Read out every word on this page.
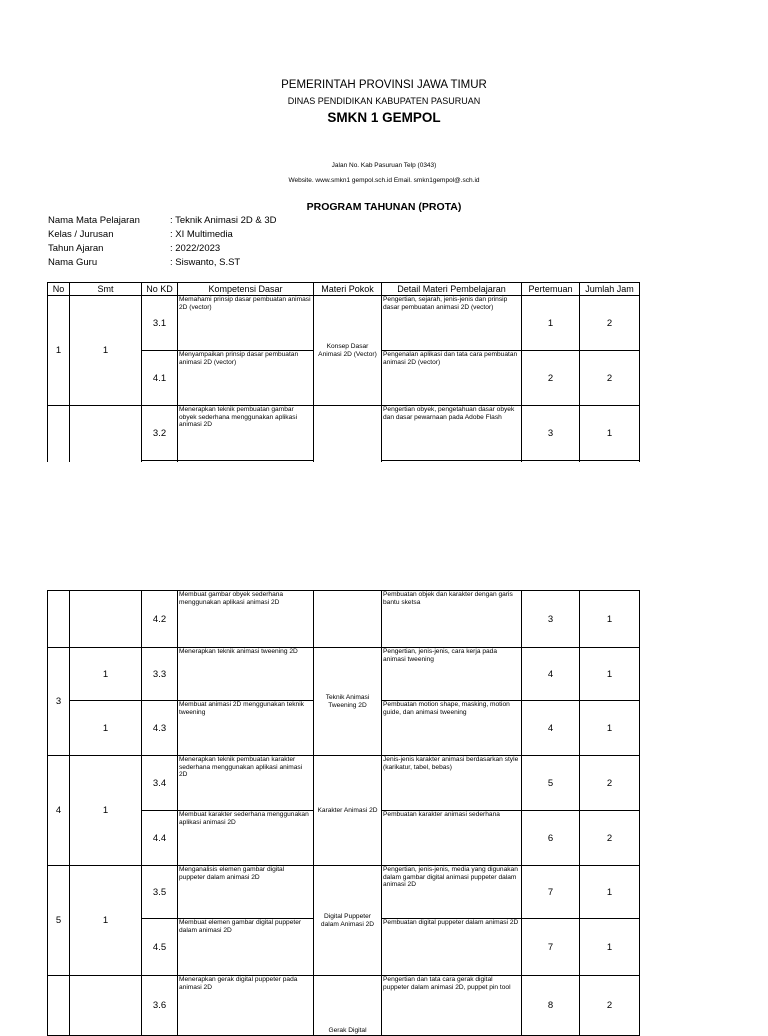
PEMERINTAH PROVINSI JAWA TIMUR
DINAS PENDIDIKAN KABUPATEN PASURUAN
SMKN 1 GEMPOL
Jalan No. Kab Pasuruan Telp (0343)
Website. www.smkn1 gempol.sch.id Email. smkn1gempol@.sch.id
PROGRAM TAHUNAN (PROTA)
Nama Mata Pelajaran	: Teknik Animasi 2D & 3D
Kelas / Jurusan	: XI Multimedia
Tahun Ajaran	: 2022/2023
Nama Guru	: Siswanto, S.ST
No	Smt	No KD	Kompetensi Dasar	Materi Pokok	Detail Materi Pembelajaran	Pertemuan	Jumlah Jam
1	1	3.1	Memahami prinsip dasar pembuatan animasi 2D (vector)	Konsep Dasar Animasi 2D (Vector)	Pengertian, sejarah, jenis-jenis dan prinsip dasar pembuatan animasi 2D (vector)	1	2
		4.1	Menyampaikan prinsip dasar pembuatan animasi 2D (vector)		Pengenalan aplikasi dan tata cara pembuatan animasi 2D (vector)	2	2
		3.2	Menerapkan teknik pembuatan gambar obyek sederhana menggunakan aplikasi animasi 2D		Pengertian obyek, pengetahuan dasar obyek dan dasar pewarnaan pada Adobe Flash	3	1

		4.2	Membuat gambar obyek sederhana menggunakan aplikasi animasi 2D		Pembuatan objek dan karakter dengan garis bantu sketsa	3	1
3	1	3.3	Menerapkan teknik animasi tweening 2D	Teknik Animasi Tweening 2D	Pengertian, jenis-jenis, cara kerja pada animasi tweening	4	1
	1	4.3	Membuat animasi 2D menggunakan teknik tweening		Pembuatan motion shape, masking, motion guide, dan animasi tweening	4	1
4	1	3.4	Menerapkan teknik pembuatan karakter sederhana menggunakan aplikasi animasi 2D	Karakter Animasi 2D	Jenis-jenis karakter animasi berdasarkan style (karikatur, tabel, bebas)	5	2
		4.4	Membuat karakter sederhana menggunakan aplikasi animasi 2D		Pembuatan karakter animasi sederhana	6	2
5	1	3.5	Menganalisis elemen gambar digital puppeter dalam animasi 2D	Digital Puppeter dalam Animasi 2D	Pengertian, jenis-jenis, media yang digunakan dalam gambar digital animasi puppeter dalam animasi 2D	7	1
		4.5	Membuat elemen gambar digital puppeter dalam animasi 2D		Pembuatan digital puppeter dalam animasi 2D	7	1
		3.6	Menerapkan gerak digital puppeter pada animasi 2D	Gerak Digital	Pengertian dan tata cara gerak digital puppeter dalam animasi 2D, puppet pin tool	8	2
